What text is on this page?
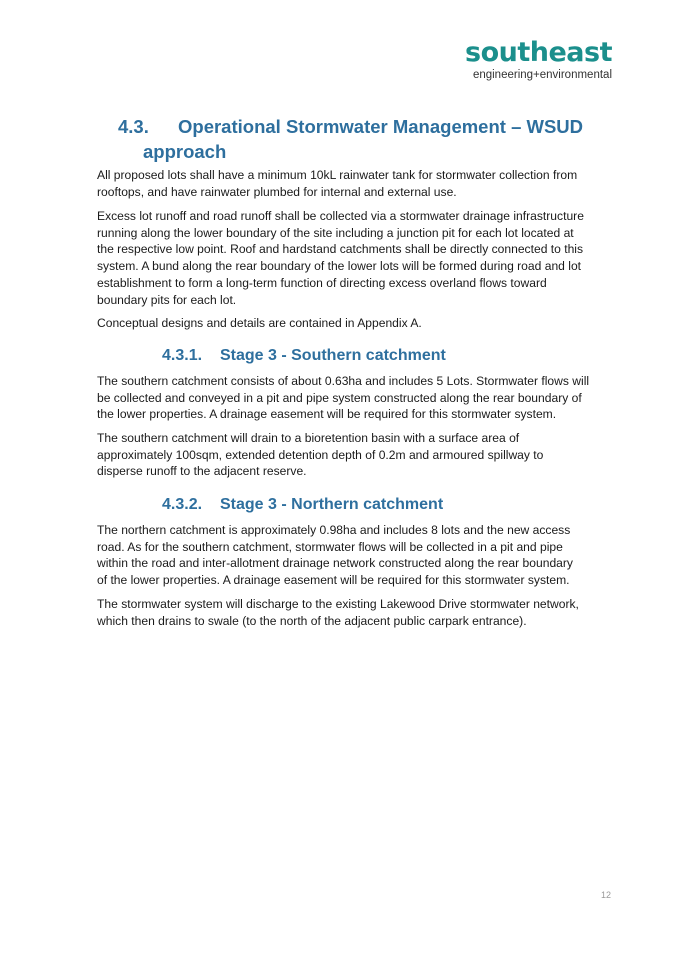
southeast
engineering+environmental
4.3. Operational Stormwater Management – WSUD
approach
All proposed lots shall have a minimum 10kL rainwater tank for stormwater collection from
rooftops, and have rainwater plumbed for internal and external use.
Excess lot runoff and road runoff shall be collected via a stormwater drainage infrastructure
running along the lower boundary of the site including a junction pit for each lot located at
the respective low point. Roof and hardstand catchments shall be directly connected to this
system. A bund along the rear boundary of the lower lots will be formed during road and lot
establishment to form a long-term function of directing excess overland flows toward
boundary pits for each lot.
Conceptual designs and details are contained in Appendix A.
4.3.1. Stage 3 - Southern catchment
The southern catchment consists of about 0.63ha and includes 5 Lots. Stormwater flows will
be collected and conveyed in a pit and pipe system constructed along the rear boundary of
the lower properties. A drainage easement will be required for this stormwater system.
The southern catchment will drain to a bioretention basin with a surface area of
approximately 100sqm, extended detention depth of 0.2m and armoured spillway to
disperse runoff to the adjacent reserve.
4.3.2. Stage 3 - Northern catchment
The northern catchment is approximately 0.98ha and includes 8 lots and the new access
road. As for the southern catchment, stormwater flows will be collected in a pit and pipe
within the road and inter-allotment drainage network constructed along the rear boundary
of the lower properties. A drainage easement will be required for this stormwater system.
The stormwater system will discharge to the existing Lakewood Drive stormwater network,
which then drains to swale (to the north of the adjacent public carpark entrance).
12
